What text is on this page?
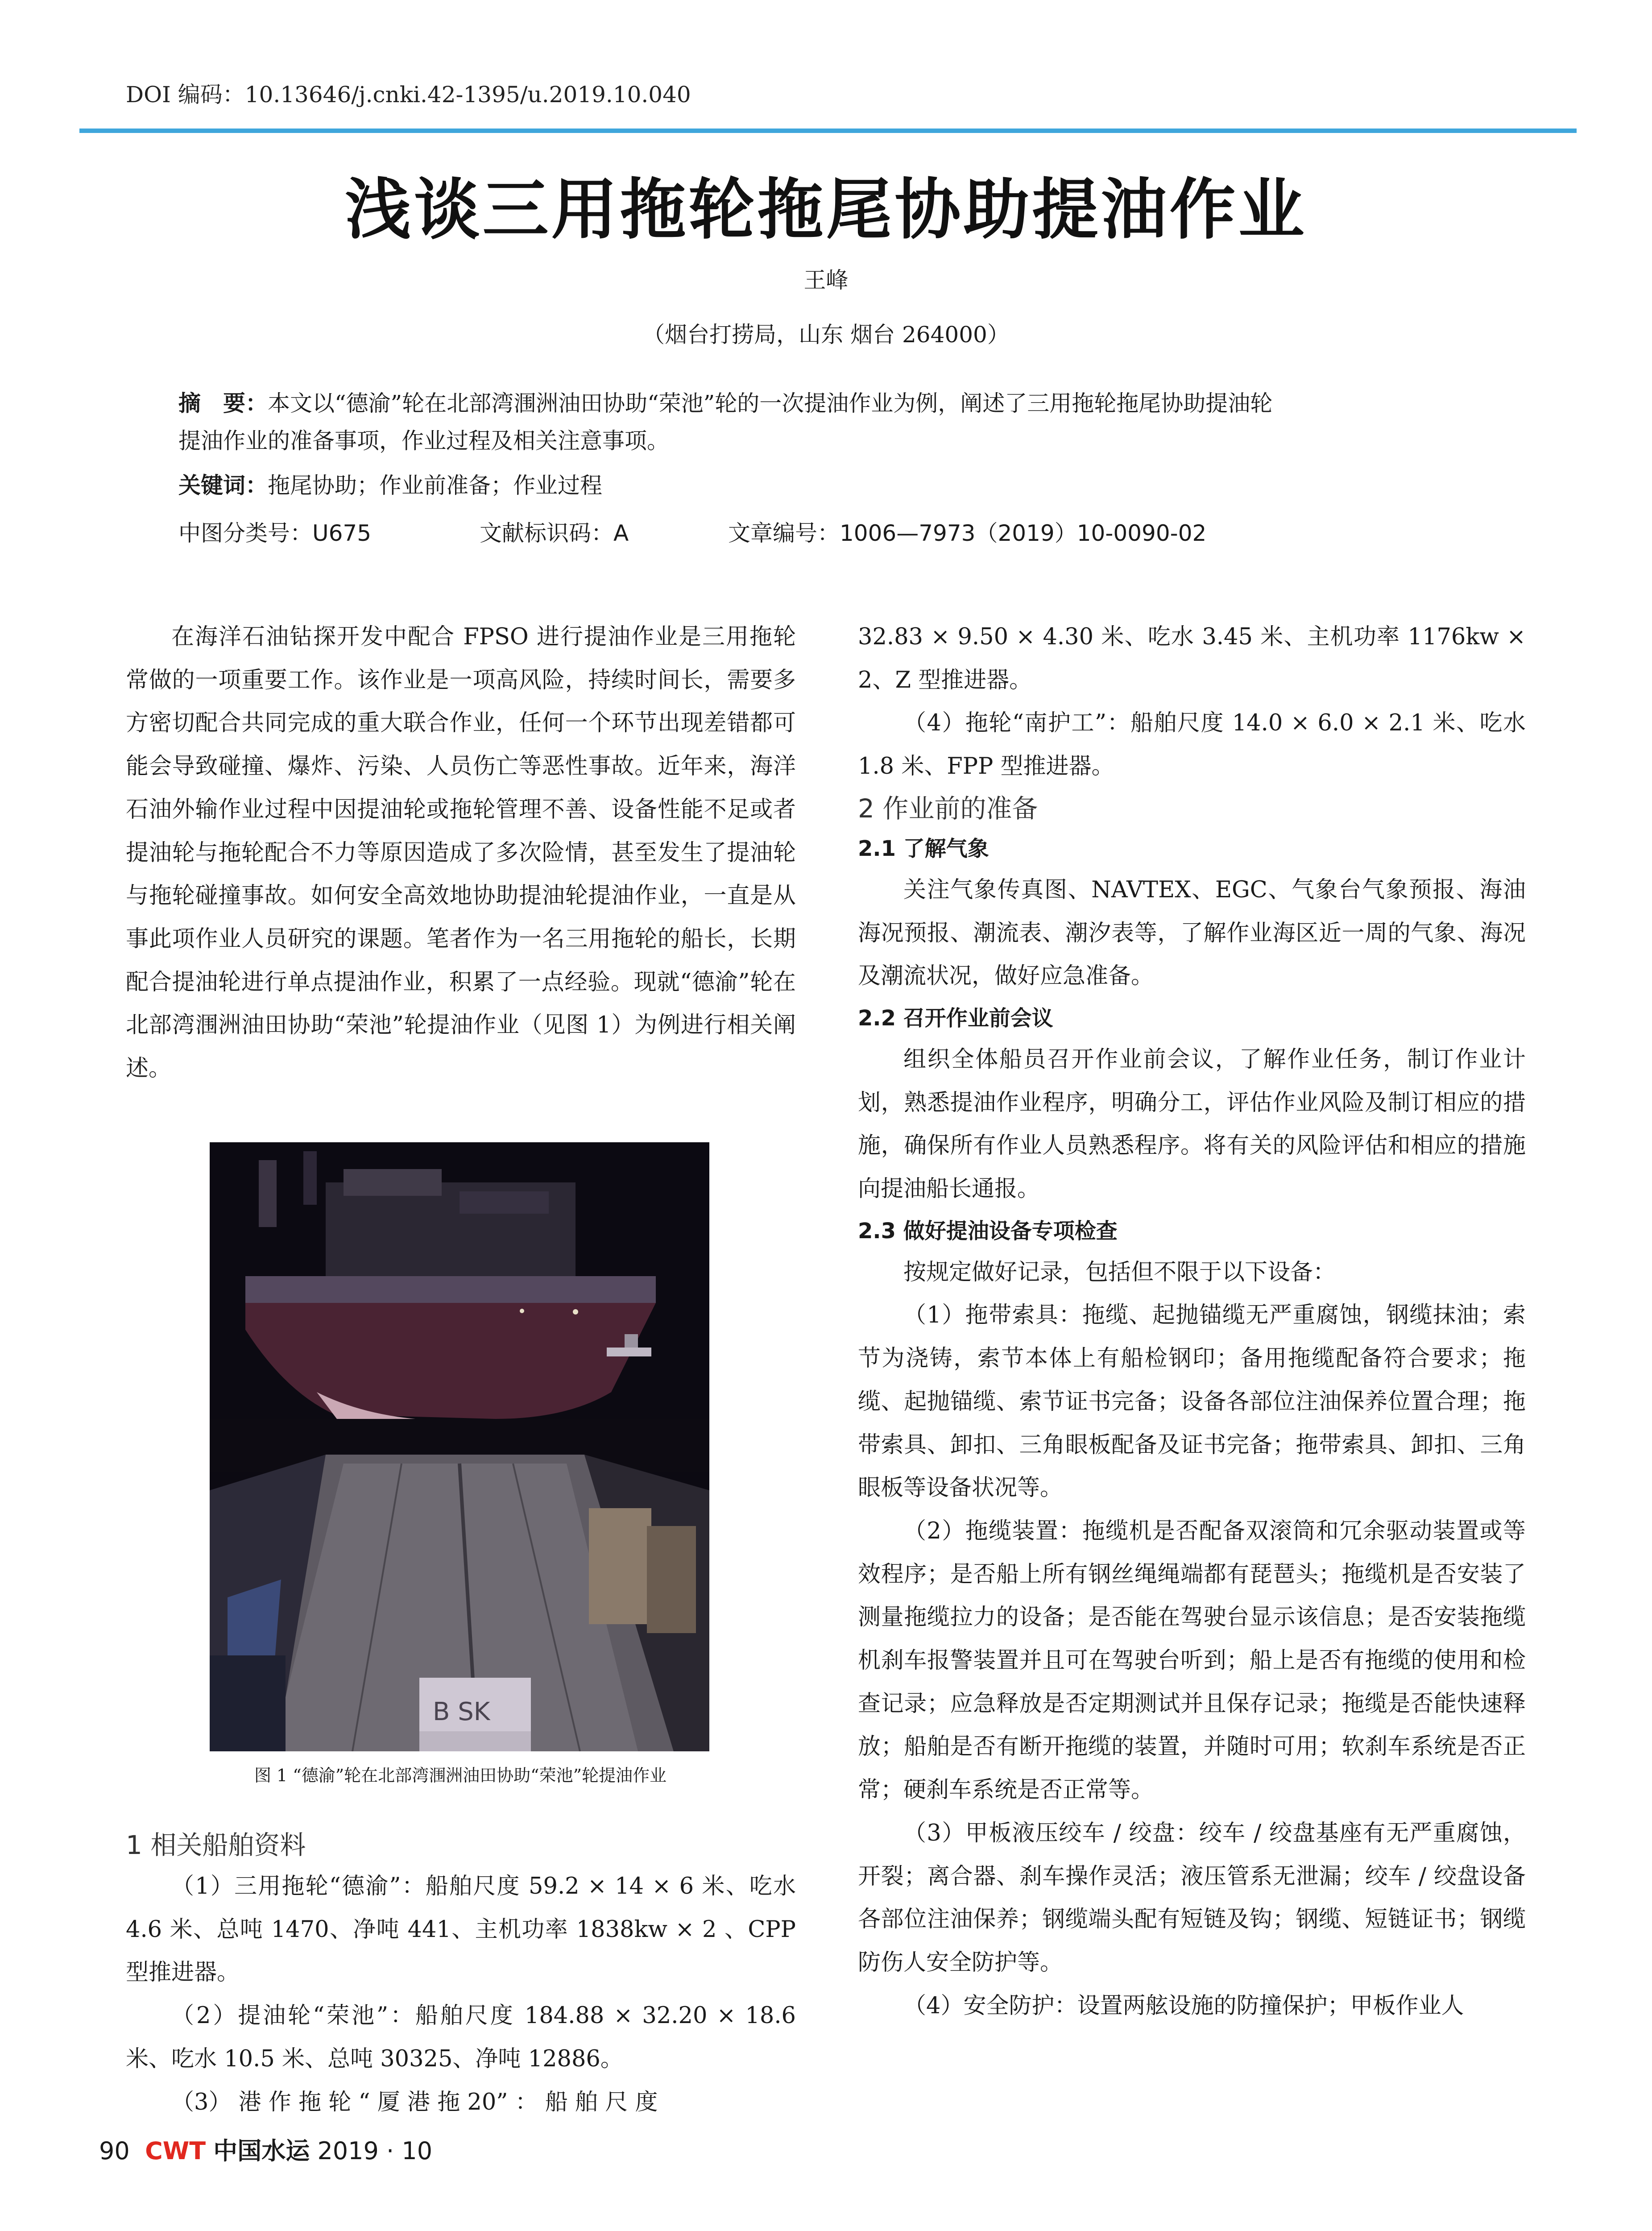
DOI 编码：10.13646/j.cnki.42-1395/u.2019.10.040
浅谈三用拖轮拖尾协助提油作业
王峰
（烟台打捞局，山东 烟台 264000）
摘　要：本文以“德渝”轮在北部湾涠洲油田协助“荣池”轮的一次提油作业为例，阐述了三用拖轮拖尾协助提油轮
提油作业的准备事项，作业过程及相关注意事项。
关键词：拖尾协助；作业前准备；作业过程
中图分类号：U675	文献标识码：A	文章编号：1006—7973（2019）10-0090-02

在海洋石油钻探开发中配合 FPSO 进行提油作业是三用拖轮常做的一项重要工作。该作业是一项高风险，持续时间长，需要多方密切配合共同完成的重大联合作业，任何一个环节出现差错都可能会导致碰撞、爆炸、污染、人员伤亡等恶性事故。近年来，海洋石油外输作业过程中因提油轮或拖轮管理不善、设备性能不足或者提油轮与拖轮配合不力等原因造成了多次险情，甚至发生了提油轮与拖轮碰撞事故。如何安全高效地协助提油轮提油作业，一直是从事此项作业人员研究的课题。笔者作为一名三用拖轮的船长，长期配合提油轮进行单点提油作业，积累了一点经验。现就“德渝”轮在北部湾涠洲油田协助“荣池”轮提油作业（见图 1）为例进行相关阐述。

B SK
图 1 “德渝”轮在北部湾涠洲油田协助“荣池”轮提油作业

1 相关船舶资料

（1）三用拖轮“德渝”：船舶尺度 59.2 × 14 × 6 米、吃水 4.6 米、总吨 1470、净吨 441、主机功率 1838kw × 2 、CPP 型推进器。

（2）提油轮“荣池”：船舶尺度 184.88 × 32.20 × 18.6 米、吃水 10.5 米、总吨 30325、净吨 12886。

（3） 港 作 拖 轮 “ 厦 港 拖 20” ： 船 舶 尺 度

32.83 × 9.50 × 4.30 米、吃水 3.45 米、主机功率 1176kw × 2、Z 型推进器。

（4）拖轮“南护工”：船舶尺度 14.0 × 6.0 × 2.1 米、吃水 1.8 米、FPP 型推进器。

2 作业前的准备

2.1 了解气象

关注气象传真图、NAVTEX、EGC、气象台气象预报、海油海况预报、潮流表、潮汐表等，了解作业海区近一周的气象、海况及潮流状况，做好应急准备。

2.2 召开作业前会议

组织全体船员召开作业前会议，了解作业任务，制订作业计划，熟悉提油作业程序，明确分工，评估作业风险及制订相应的措施，确保所有作业人员熟悉程序。将有关的风险评估和相应的措施向提油船长通报。

2.3 做好提油设备专项检查

按规定做好记录，包括但不限于以下设备：

（1）拖带索具：拖缆、起抛锚缆无严重腐蚀，钢缆抹油；索节为浇铸，索节本体上有船检钢印；备用拖缆配备符合要求；拖缆、起抛锚缆、索节证书完备；设备各部位注油保养位置合理；拖带索具、卸扣、三角眼板配备及证书完备；拖带索具、卸扣、三角眼板等设备状况等。

（2）拖缆装置：拖缆机是否配备双滚筒和冗余驱动装置或等效程序；是否船上所有钢丝绳绳端都有琵琶头；拖缆机是否安装了测量拖缆拉力的设备；是否能在驾驶台显示该信息；是否安装拖缆机刹车报警装置并且可在驾驶台听到；船上是否有拖缆的使用和检查记录；应急释放是否定期测试并且保存记录；拖缆是否能快速释放；船舶是否有断开拖缆的装置，并随时可用；软刹车系统是否正常；硬刹车系统是否正常等。

（3）甲板液压绞车 / 绞盘：绞车 / 绞盘基座有无严重腐蚀，开裂；离合器、刹车操作灵活；液压管系无泄漏；绞车 / 绞盘设备各部位注油保养；钢缆端头配有短链及钩；钢缆、短链证书；钢缆防伤人安全防护等。

（4）安全防护：设置两舷设施的防撞保护；甲板作业人

90 CWT 中国水运 2019 · 10
